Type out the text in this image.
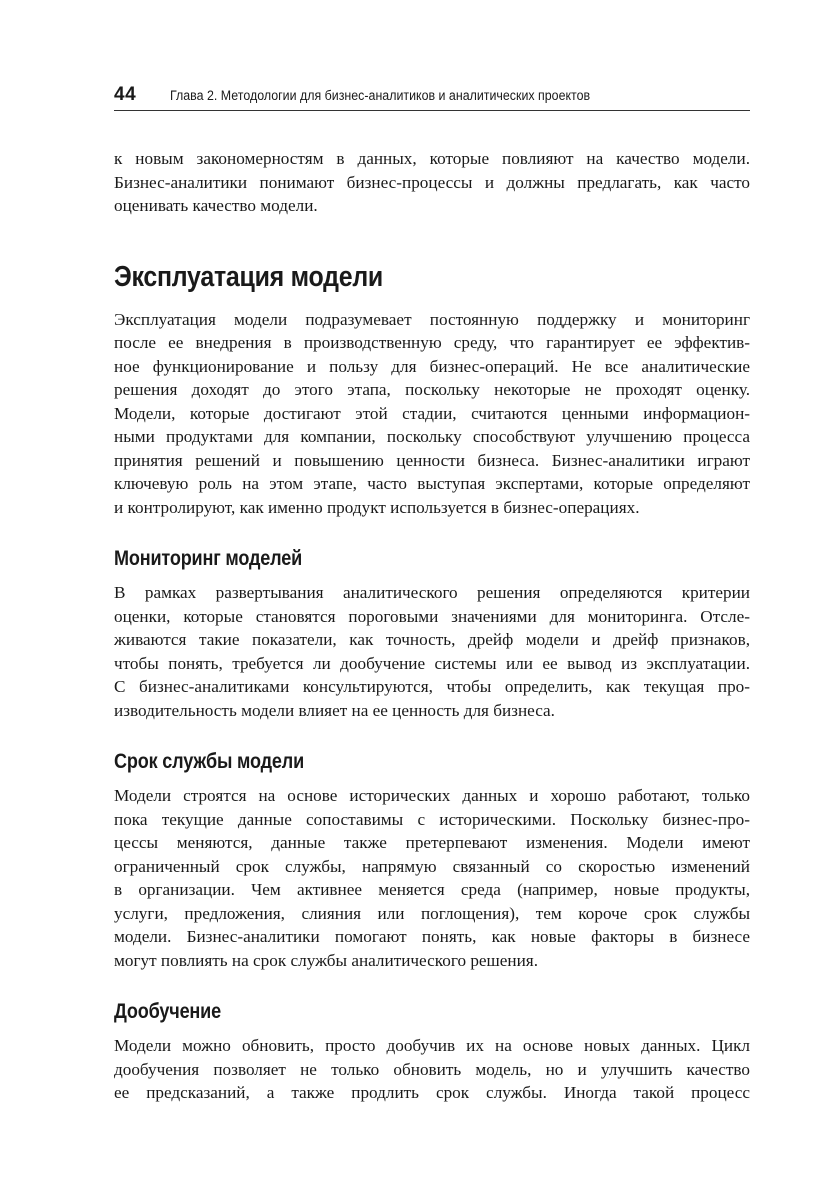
44	Глава 2. Методологии для бизнес-аналитиков и аналитических проектов

к новым закономерностям в данных, которые повлияют на качество модели.
Бизнес-аналитики понимают бизнес-процессы и должны предлагать, как часто
оценивать качество модели.

Эксплуатация модели

Эксплуатация модели подразумевает постоянную поддержку и мониторинг
после ее внедрения в производственную среду, что гарантирует ее эффектив-
ное функционирование и пользу для бизнес-операций. Не все аналитические
решения доходят до этого этапа, поскольку некоторые не проходят оценку.
Модели, которые достигают этой стадии, считаются ценными информацион-
ными продуктами для компании, поскольку способствуют улучшению процесса
принятия решений и повышению ценности бизнеса. Бизнес-аналитики играют
ключевую роль на этом этапе, часто выступая экспертами, которые определяют
и контролируют, как именно продукт используется в бизнес-операциях.

Мониторинг моделей

В рамках развертывания аналитического решения определяются критерии
оценки, которые становятся пороговыми значениями для мониторинга. Отсле-
живаются такие показатели, как точность, дрейф модели и дрейф признаков,
чтобы понять, требуется ли дообучение системы или ее вывод из эксплуатации.
С бизнес-аналитиками консультируются, чтобы определить, как текущая про-
изводительность модели влияет на ее ценность для бизнеса.

Срок службы модели

Модели строятся на основе исторических данных и хорошо работают, только
пока текущие данные сопоставимы с историческими. Поскольку бизнес-про-
цессы меняются, данные также претерпевают изменения. Модели имеют
ограниченный срок службы, напрямую связанный со скоростью изменений
в организации. Чем активнее меняется среда (например, новые продукты,
услуги, предложения, слияния или поглощения), тем короче срок службы
модели. Бизнес-аналитики помогают понять, как новые факторы в бизнесе
могут повлиять на срок службы аналитического решения.

Дообучение

Модели можно обновить, просто дообучив их на основе новых данных. Цикл
дообучения позволяет не только обновить модель, но и улучшить качество
ее предсказаний, а также продлить срок службы. Иногда такой процесс
